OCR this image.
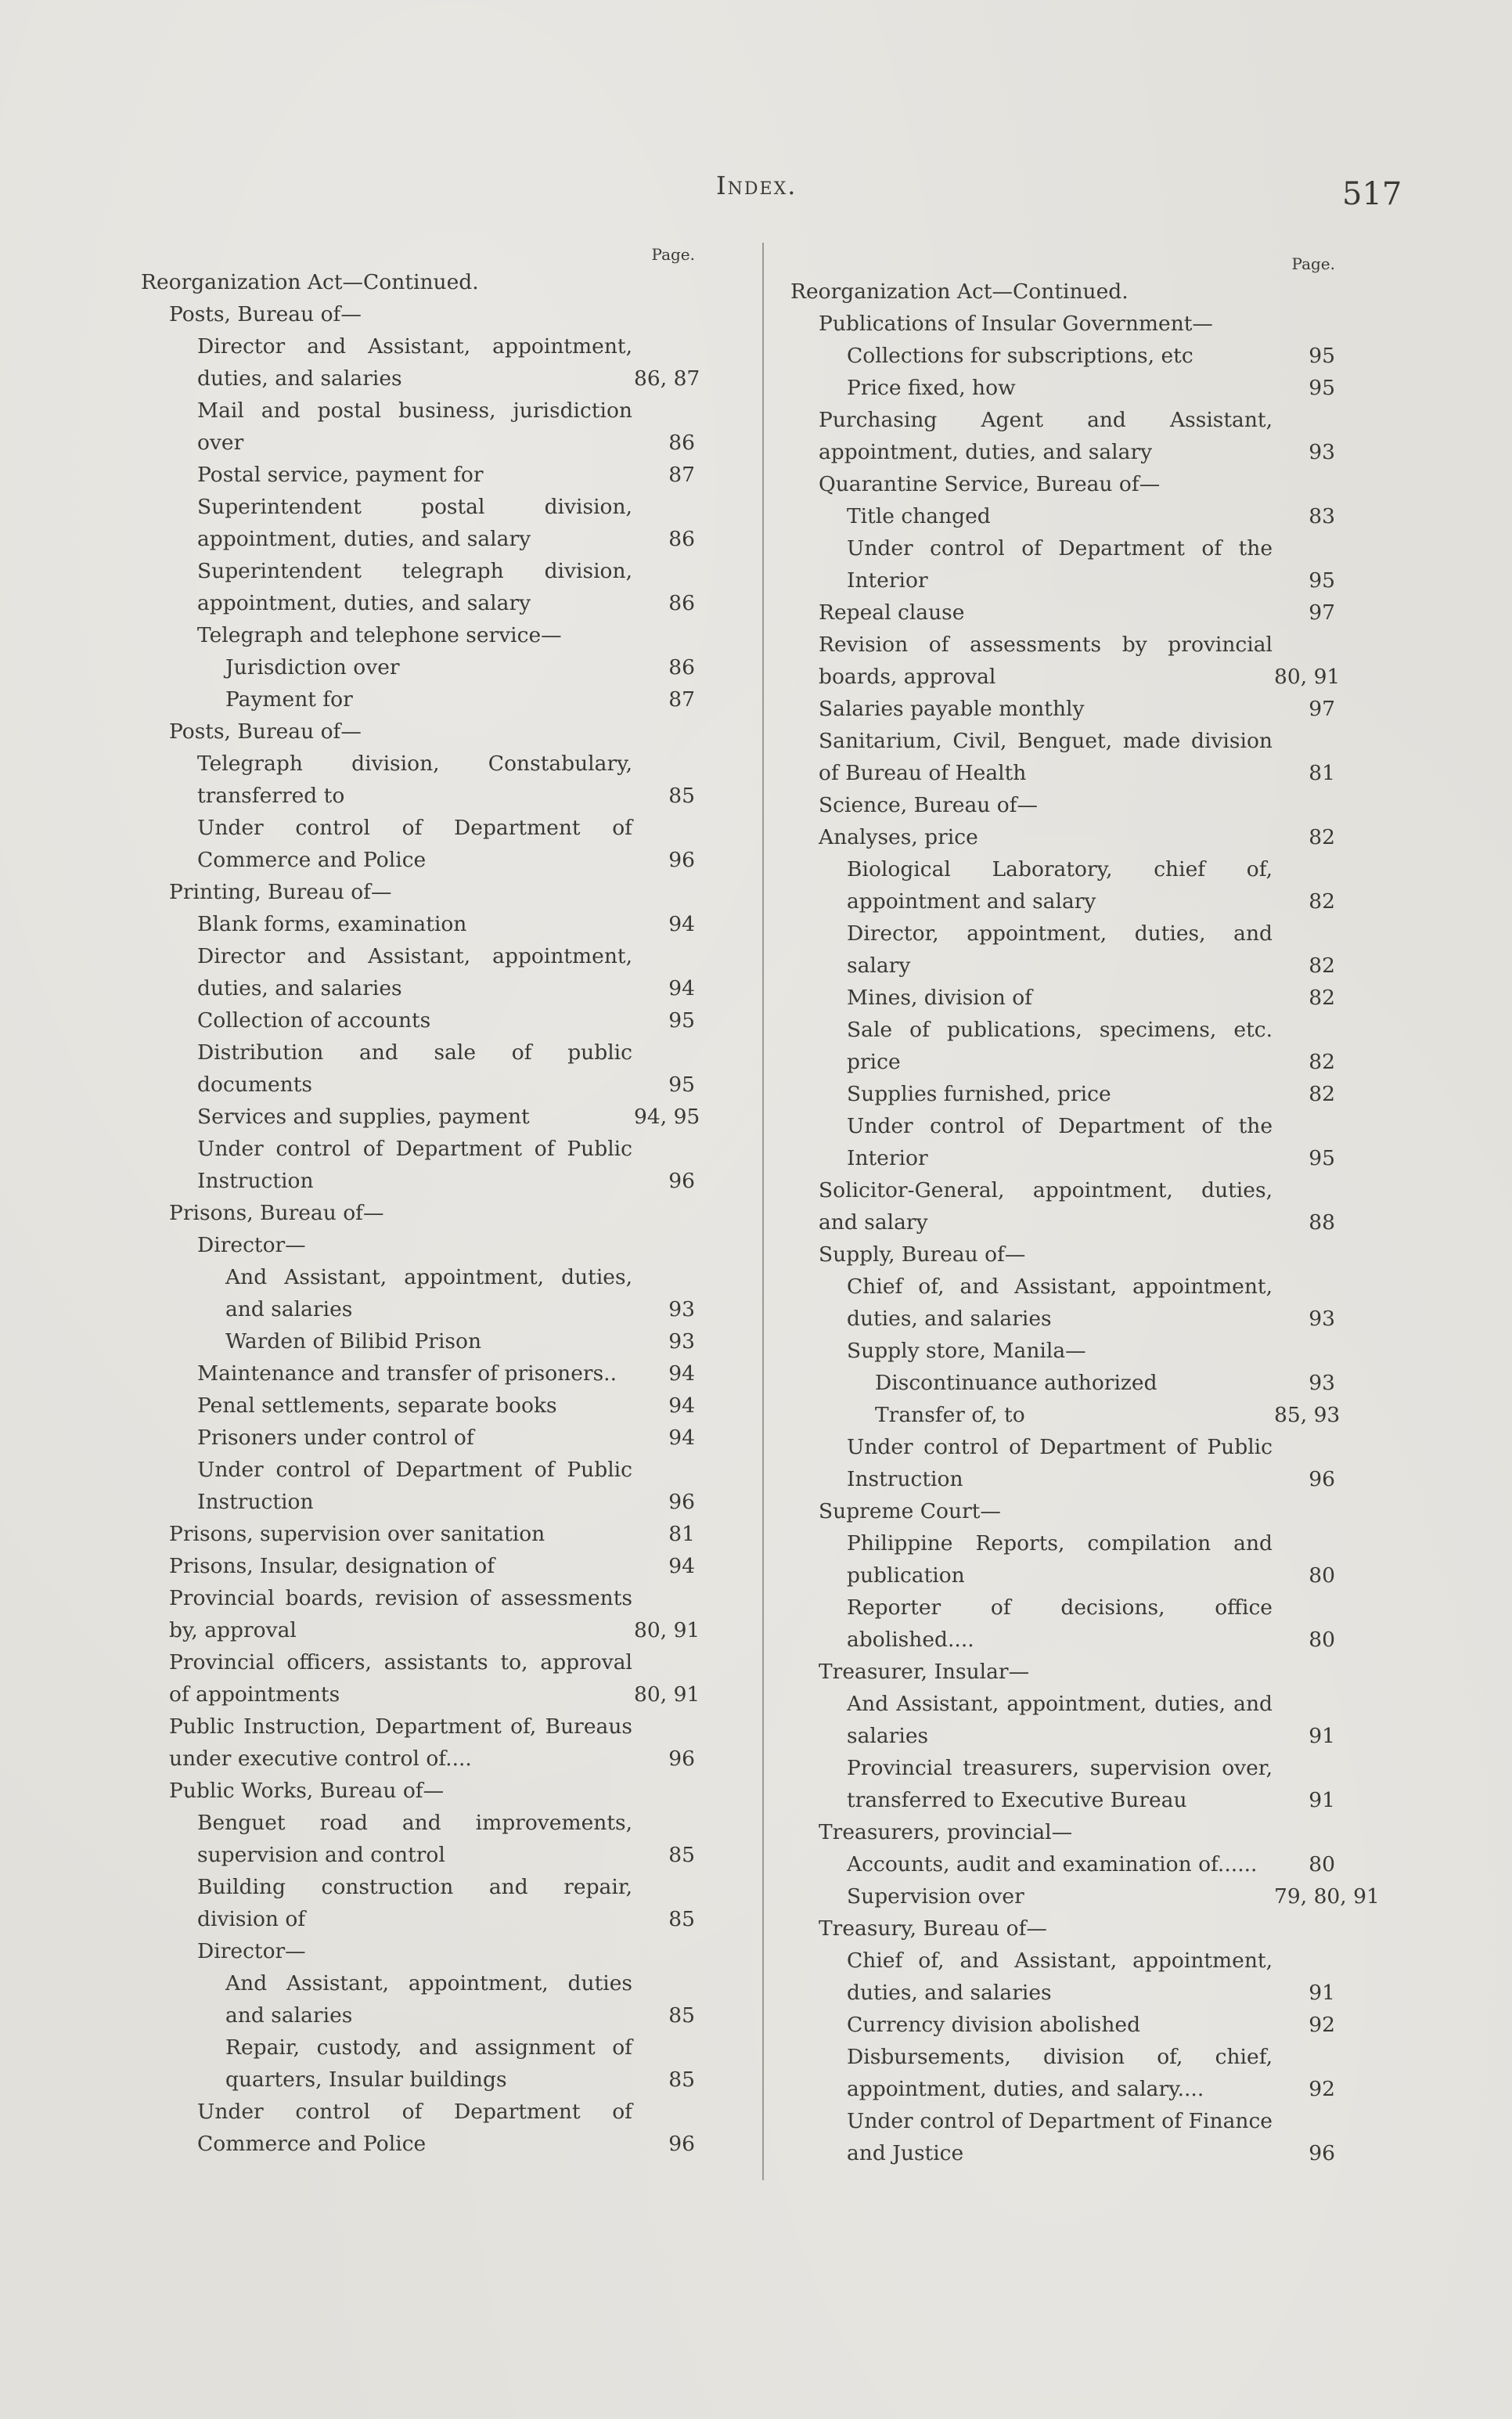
Index.	517
Page.
Reorganization Act—Continued.
Posts, Bureau of—
Director and Assistant, appointment, duties, and salaries	86, 87
Mail and postal business, jurisdiction over	86
Postal service, payment for	87
Superintendent postal division, appointment, duties, and salary	86
Superintendent telegraph division, appointment, duties, and salary	86
Telegraph and telephone service—
Jurisdiction over	86
Payment for	87
Posts, Bureau of—
Telegraph division, Constabulary, transferred to	85
Under control of Department of Commerce and Police	96
Printing, Bureau of—
Blank forms, examination	94
Director and Assistant, appointment, duties, and salaries	94
Collection of accounts	95
Distribution and sale of public documents	95
Services and supplies, payment	94, 95
Under control of Department of Public Instruction	96
Prisons, Bureau of—
Director—
And Assistant, appointment, duties, and salaries	93
Warden of Bilibid Prison	93
Maintenance and transfer of prisoners..	94
Penal settlements, separate books	94
Prisoners under control of	94
Under control of Department of Public Instruction	96
Prisons, supervision over sanitation	81
Prisons, Insular, designation of	94
Provincial boards, revision of assessments by, approval	80, 91
Provincial officers, assistants to, approval of appointments	80, 91
Public Instruction, Department of, Bureaus under executive control of....	96
Public Works, Bureau of—
Benguet road and improvements, supervision and control	85
Building construction and repair, division of	85
Director—
And Assistant, appointment, duties and salaries	85
Repair, custody, and assignment of quarters, Insular buildings	85
Under control of Department of Commerce and Police	96
Page.
Reorganization Act—Continued.
Publications of Insular Government—
Collections for subscriptions, etc	95
Price fixed, how	95
Purchasing Agent and Assistant, appointment, duties, and salary	93
Quarantine Service, Bureau of—
Title changed	83
Under control of Department of the Interior	95
Repeal clause	97
Revision of assessments by provincial boards, approval	80, 91
Salaries payable monthly	97
Sanitarium, Civil, Benguet, made division of Bureau of Health	81
Science, Bureau of—
Analyses, price	82
Biological Laboratory, chief of, appointment and salary	82
Director, appointment, duties, and salary	82
Mines, division of	82
Sale of publications, specimens, etc. price	82
Supplies furnished, price	82
Under control of Department of the Interior	95
Solicitor-General, appointment, duties, and salary	88
Supply, Bureau of—
Chief of, and Assistant, appointment, duties, and salaries	93
Supply store, Manila—
Discontinuance authorized	93
Transfer of, to	85, 93
Under control of Department of Public Instruction	96
Supreme Court—
Philippine Reports, compilation and publication	80
Reporter of decisions, office abolished....	80
Treasurer, Insular—
And Assistant, appointment, duties, and salaries	91
Provincial treasurers, supervision over, transferred to Executive Bureau	91
Treasurers, provincial—
Accounts, audit and examination of......	80
Supervision over	79, 80, 91
Treasury, Bureau of—
Chief of, and Assistant, appointment, duties, and salaries	91
Currency division abolished	92
Disbursements, division of, chief, appointment, duties, and salary....	92
Under control of Department of Finance and Justice	96
